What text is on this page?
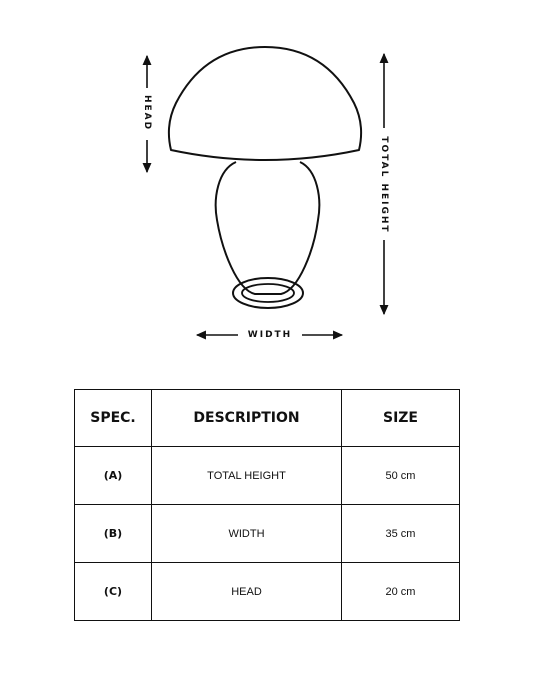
HEAD
TOTAL HEIGHT
WIDTH
SPEC.	DESCRIPTION	SIZE
(A)	TOTAL HEIGHT	50 cm
(B)	WIDTH	35 cm
(C)	HEAD	20 cm
